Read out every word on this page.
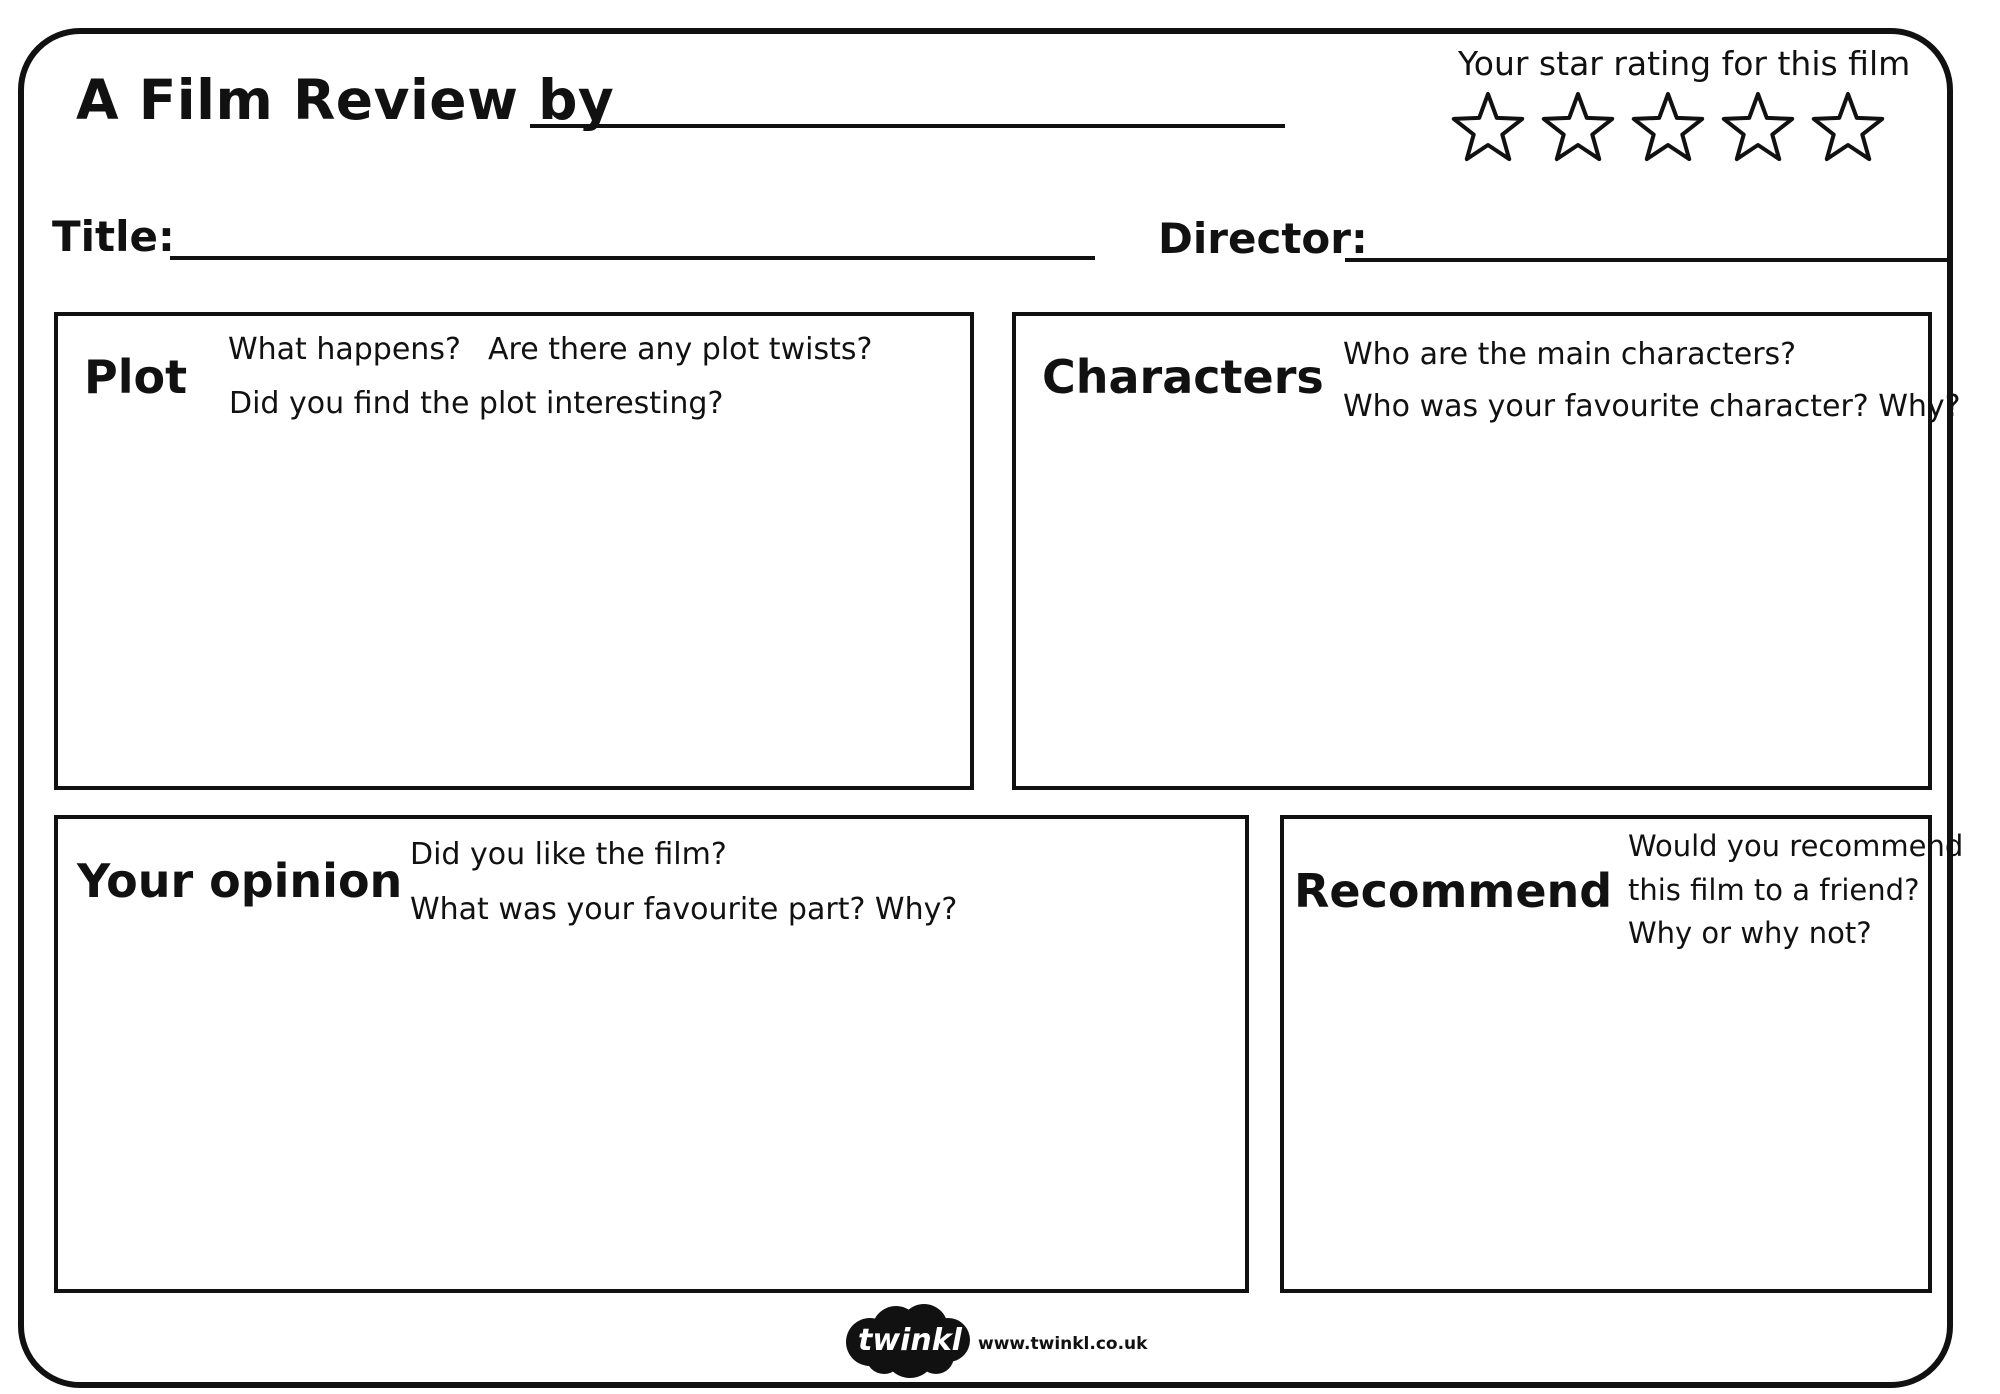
A Film Review by
Your star rating for this film
Title:	Director:
Plot
What happens? Are there any plot twists?
Did you find the plot interesting?	Characters Who are the main characters?
Who was your favourite character? Why?
Your opinion Did you like the film?
What was your favourite part? Why?	Recommend
Would you recommend
this film to a friend?
Why or why not?
twinkl www.twinkl.co.uk
